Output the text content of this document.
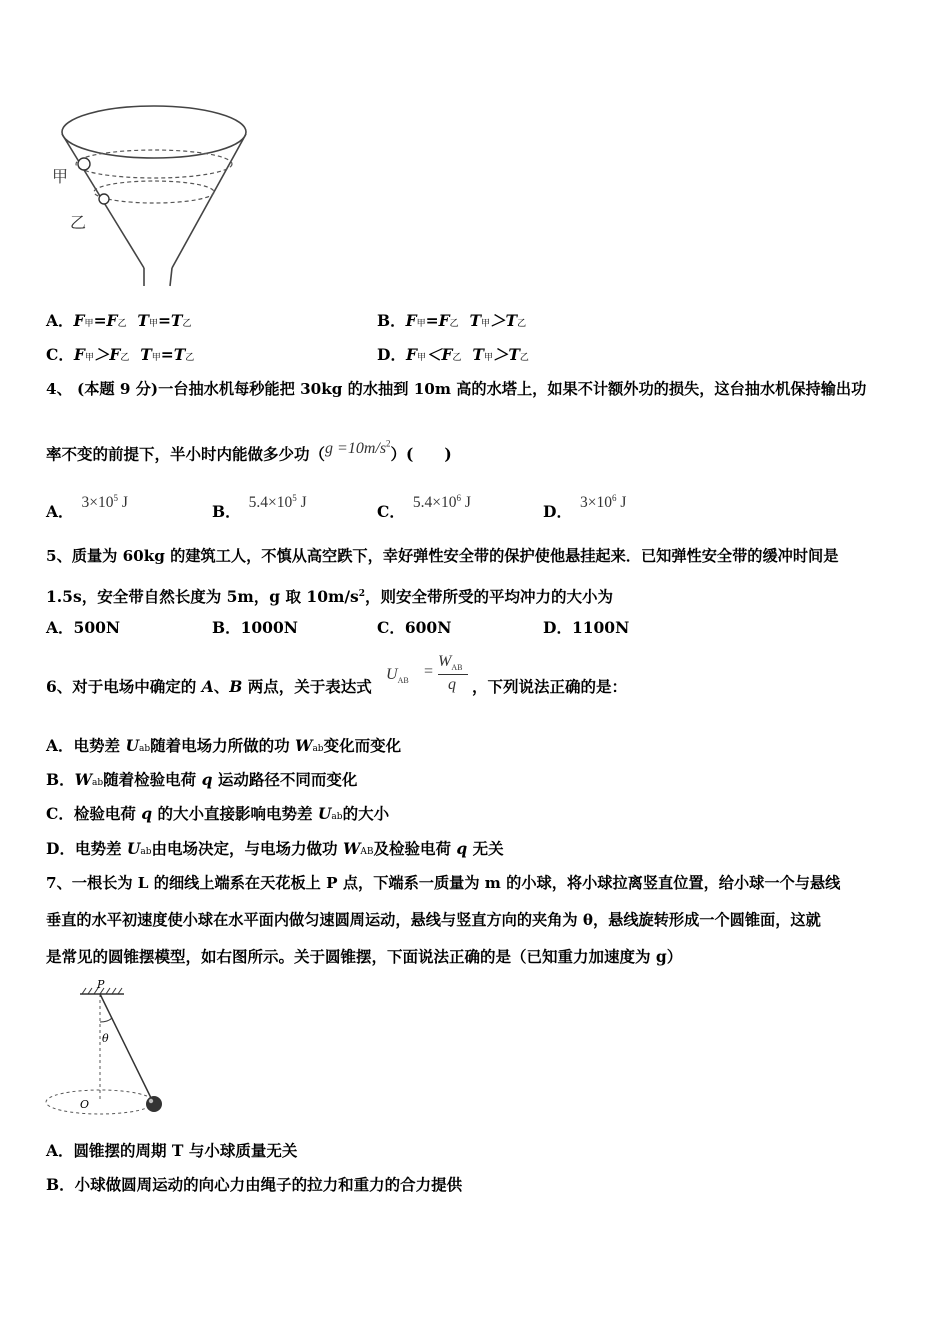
甲
乙
A．F甲=F乙 T甲=T乙	B．F甲=F乙 T甲＞T乙
C．F甲＞F乙 T甲=T乙	D．F甲＜F乙 T甲＞T乙
4、 (本题 9 分)一台抽水机每秒能把 30kg 的水抽到 10m 高的水塔上，如果不计额外功的损失，这台抽水机保持输出功
率不变的前提下，半小时内能做多少功$(g =10m/s^2)$(　　)
A． $3\times 10^5$ J	B． $5.4\times 10^5$ J	C． $5.4\times 10^6$ J	D． $3\times 10^6$ J
5、质量为 60kg 的建筑工人，不慎从高空跌下，幸好弹性安全带的保护使他悬挂起来．已知弹性安全带的缓冲时间是
1.5s，安全带自然长度为 5m，g 取 $10m/s^2$，则安全带所受的平均冲力的大小为
A．500N	B．1000N	C．600N	D．1100N
6、对于电场中确定的 A、B 两点，关于表达式
$U_{AB}$
=
$W_{AB}$
q ，下列说法正确的是：
A．电势差 Uab随着电场力所做的功 Wab变化而变化
B．Wab随着检验电荷 q 运动路径不同而变化
C．检验电荷 q 的大小直接影响电势差 Uab的大小
D．电势差 Uab由电场决定，与电场力做功 WAB及检验电荷 q 无关
7、一根长为 L 的细线上端系在天花板上 P 点，下端系一质量为 m 的小球，将小球拉离竖直位置，给小球一个与悬线
垂直的水平初速度使小球在水平面内做匀速圆周运动，悬线与竖直方向的夹角为 θ，悬线旋转形成一个圆锥面，这就
是常见的圆锥摆模型，如右图所示。关于圆锥摆，下面说法正确的是（已知重力加速度为 g）
P
θ
O
A．圆锥摆的周期 T 与小球质量无关
B．小球做圆周运动的向心力由绳子的拉力和重力的合力提供
